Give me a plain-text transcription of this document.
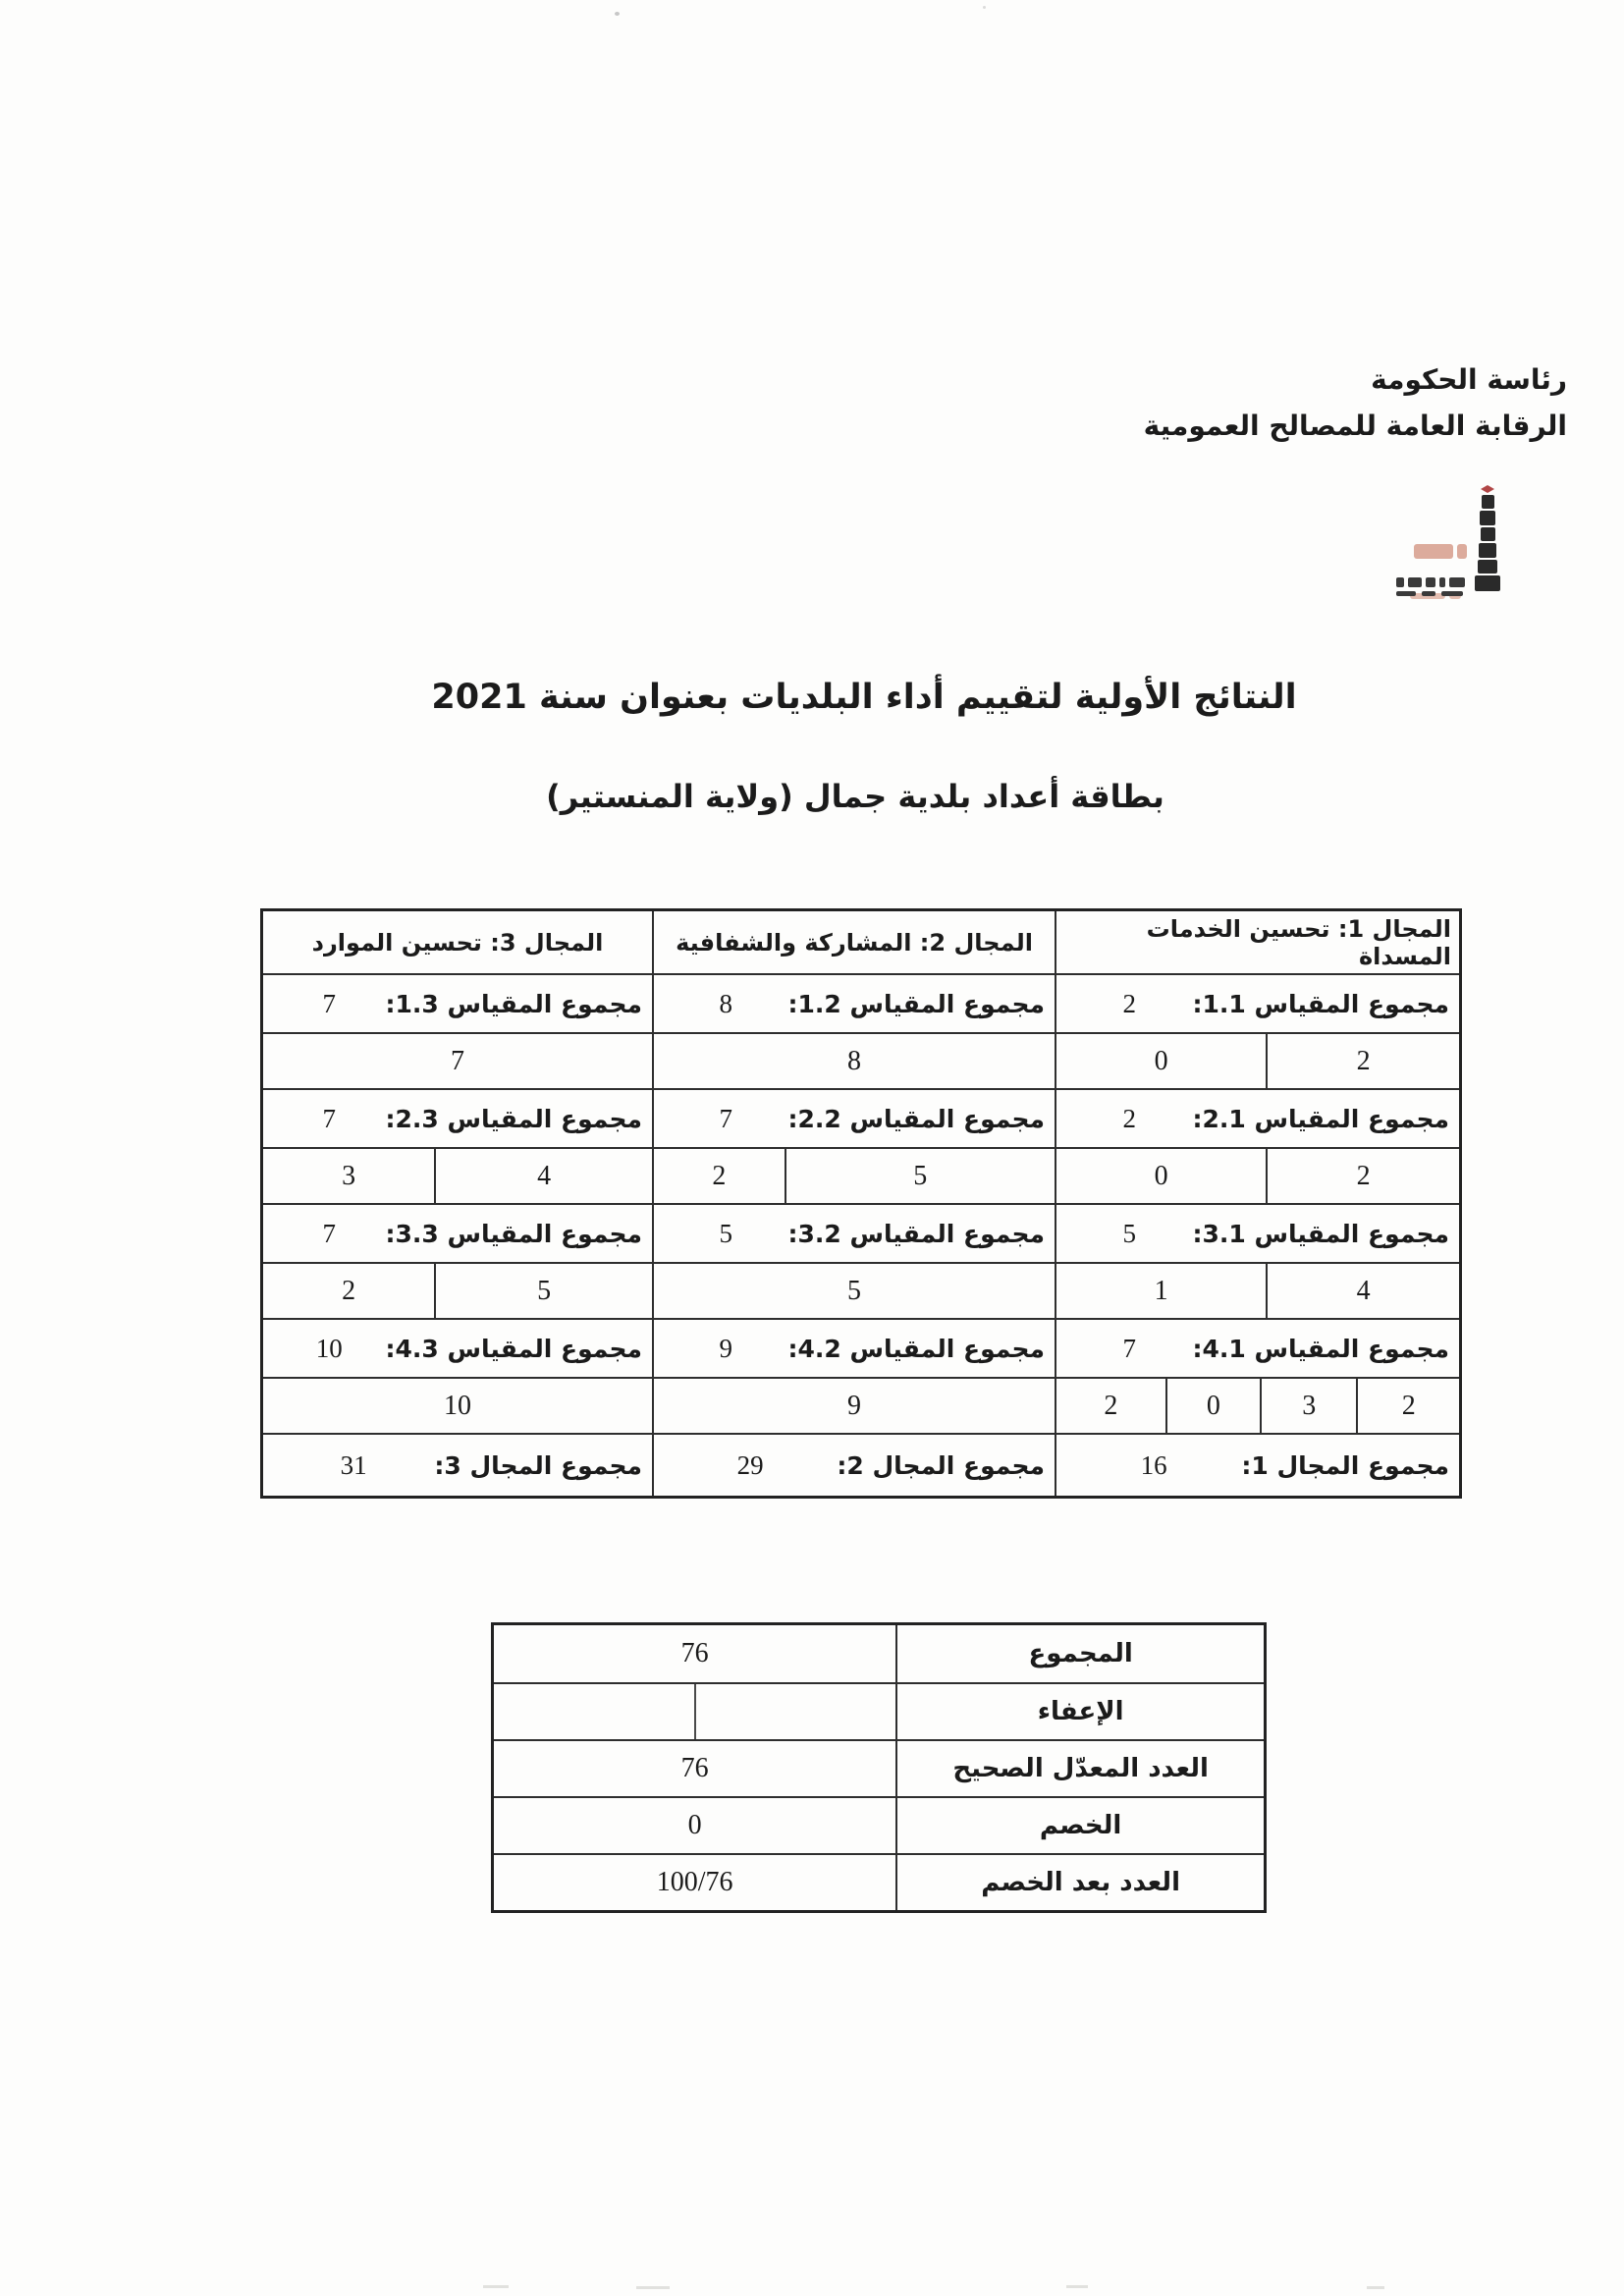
رئاسة الحكومة
الرقابة العامة للمصالح العمومية
النتائج الأولية لتقييم أداء البلديات بعنوان سنة 2021
بطاقة أعداد بلدية جمال (ولاية المنستير)
المجال 1: تحسين الخدمات المسداة
المجال 2: المشاركة والشفافية
المجال 3: تحسين الموارد
مجموع المقياس 1.1:
2
مجموع المقياس 1.2:
8
مجموع المقياس 1.3:
7
2
0
8
7
مجموع المقياس 2.1:
2
مجموع المقياس 2.2:
7
مجموع المقياس 2.3:
7
2
0
5
2
4
3
مجموع المقياس 3.1:
5
مجموع المقياس 3.2:
5
مجموع المقياس 3.3:
7
4
1
5
5
2
مجموع المقياس 4.1:
7
مجموع المقياس 4.2:
9
مجموع المقياس 4.3:
10
2
3
0
2
9
10
مجموع المجال 1:
16
مجموع المجال 2:
29
مجموع المجال 3:
31
المجموع
76
الإعفاء
العدد المعدّل الصحيح
76
الخصم
0
العدد بعد الخصم
100/76
